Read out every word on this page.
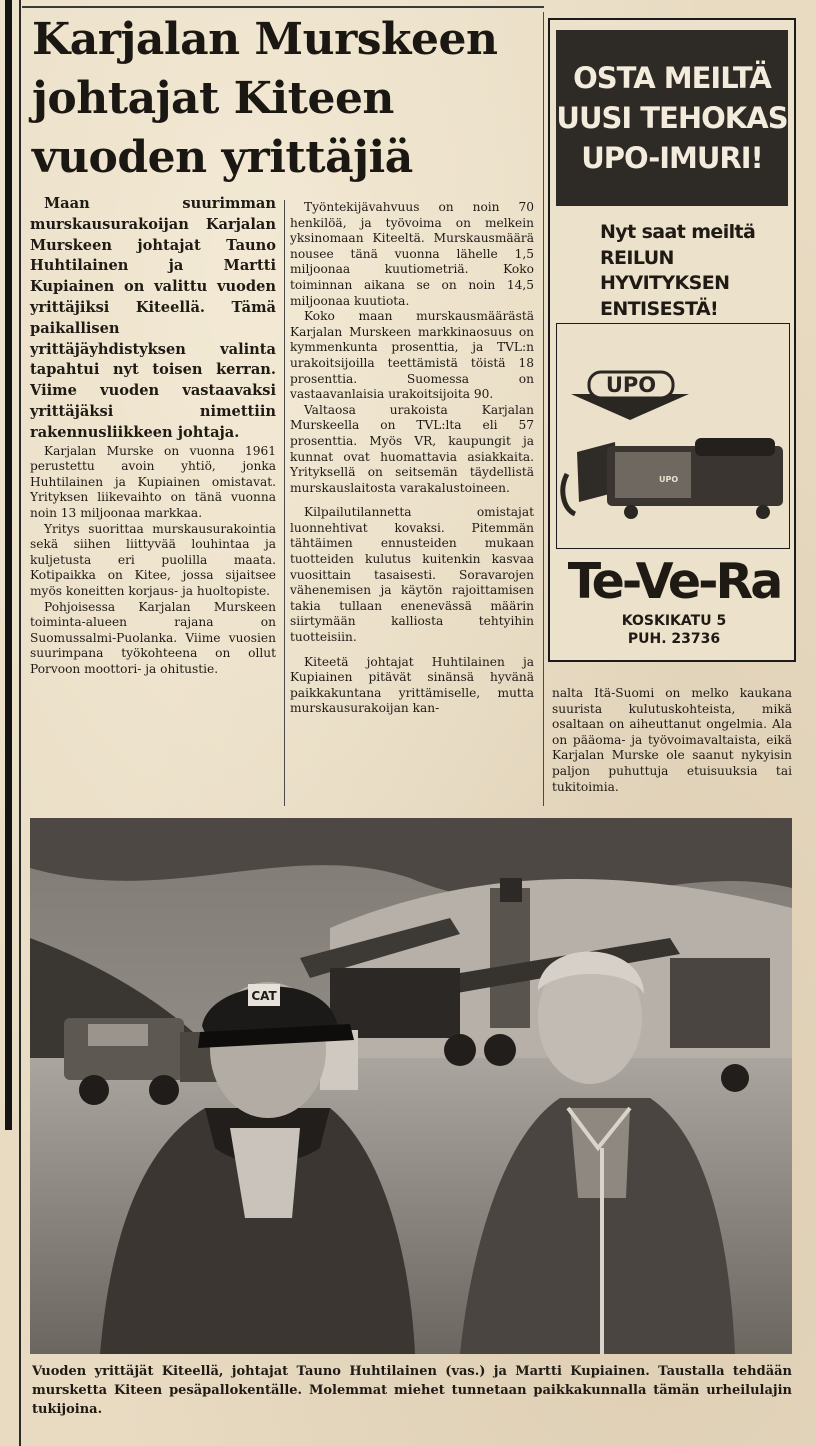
Karjalan Murskeen
johtajat Kiteen
vuoden yrittäjiä

Maan suurimman murskausurakoijan Karjalan Murskeen johtajat Tauno Huhtilainen ja Martti Kupiainen on valittu vuoden yrittäjiksi Kiteellä. Tämä paikallisen yrittäjäyhdistyksen valinta tapahtui nyt toisen kerran. Viime vuoden vastaavaksi yrittäjäksi nimettiin rakennusliikkeen johtaja.

Karjalan Murske on vuonna 1961 perustettu avoin yhtiö, jonka Huhtilainen ja Kupiainen omistavat. Yrityksen liikevaihto on tänä vuonna noin 13 miljoonaa markkaa.

Yritys suorittaa murskausurakointia sekä siihen liittyvää louhintaa ja kuljetusta eri puolilla maata. Kotipaikka on Kitee, jossa sijaitsee myös koneitten korjaus- ja huoltopiste.

Pohjoisessa Karjalan Murskeen toiminta-alueen rajana on Suomussalmi-Puolanka. Viime vuosien suurimpana työkohteena on ollut Porvoon moottori- ja ohitustie.

Työntekijävahvuus on noin 70 henkilöä, ja työvoima on melkein yksinomaan Kiteeltä. Murskausmäärä nousee tänä vuonna lähelle 1,5 miljoonaa kuutiometriä. Koko toiminnan aikana se on noin 14,5 miljoonaa kuutiota.

Koko maan murskausmäärästä Karjalan Murskeen markkinaosuus on kymmenkunta prosenttia, ja TVL:n urakoitsijoilla teettämistä töistä 18 prosenttia. Suomessa on vastaavanlaisia urakoitsijoita 90.

Valtaosa urakoista Karjalan Murskeella on TVL:lta eli 57 prosenttia. Myös VR, kaupungit ja kunnat ovat huomattavia asiakkaita. Yrityksellä on seitsemän täydellistä murskauslaitosta varakalustoineen.

Kilpailutilannetta omistajat luonnehtivat kovaksi. Pitemmän tähtäimen ennusteiden mukaan tuotteiden kulutus kuitenkin kasvaa vuosittain tasaisesti. Soravarojen vähenemisen ja käytön rajoittamisen takia tullaan enenevässä määrin siirtymään kalliosta tehtyihin tuotteisiin.

Kiteetä johtajat Huhtilainen ja Kupiainen pitävät sinänsä hyvänä paikkakuntana yrittämiselle, mutta murskausurakoijan kan-

nalta Itä-Suomi on melko kaukana suurista kulutuskohteista, mikä osaltaan on aiheuttanut ongelmia. Ala on pääoma- ja työvoimavaltaista, eikä Karjalan Murske ole saanut nykyisin paljon puhuttuja etuisuuksia tai tukitoimia.

OSTA MEILTÄ
UUSI TEHOKAS
UPO-IMURI!
Nyt saat meiltä
REILUN
HYVITYKSEN
ENTISESTÄ!
UPO
UPO
Te-Ve-Ra
KOSKIKATU 5
PUH. 23736
CAT
Vuoden yrittäjät Kiteellä, johtajat Tauno Huhtilainen (vas.) ja Martti Kupiainen. Taustalla tehdään mursketta Kiteen pesäpallokentälle. Molemmat miehet tunnetaan paikkakunnalla tämän urheilulajin tukijoina.
